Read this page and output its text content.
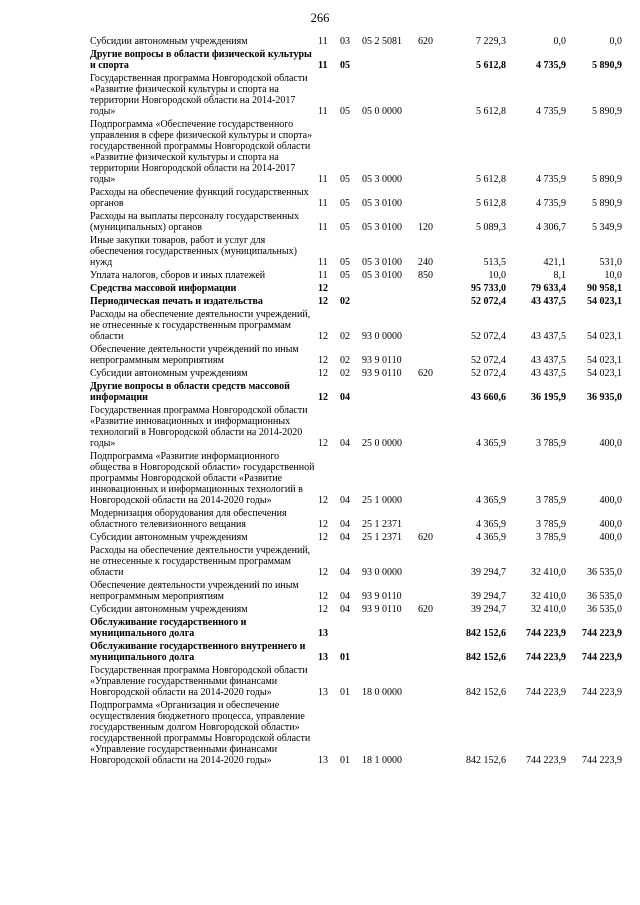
266
Субсидии автономным учреждениям	11	03	05 2 5081	620	7 229,3	0,0	0,0
Другие вопросы в области физической культуры и спорта	11	05			5 612,8	4 735,9	5 890,9
Государственная программа Новгородской области «Развитие физической культуры и спорта на территории Новгородской области на 2014-2017 годы»	11	05	05 0 0000		5 612,8	4 735,9	5 890,9
Подпрограмма «Обеспечение государственного управления в сфере физической культуры и спорта» государственной программы Новгородской области «Развитие физической культуры и спорта на территории Новгородской области на 2014-2017 годы»	11	05	05 3 0000		5 612,8	4 735,9	5 890,9
Расходы на обеспечение функций государственных органов	11	05	05 3 0100		5 612,8	4 735,9	5 890,9
Расходы на выплаты персоналу государственных (муниципальных) органов	11	05	05 3 0100	120	5 089,3	4 306,7	5 349,9
Иные закупки товаров, работ и услуг для обеспечения государственных (муниципальных) нужд	11	05	05 3 0100	240	513,5	421,1	531,0
Уплата налогов, сборов и иных платежей	11	05	05 3 0100	850	10,0	8,1	10,0
Средства массовой информации	12				95 733,0	79 633,4	90 958,1
Периодическая печать и издательства	12	02			52 072,4	43 437,5	54 023,1
Расходы на обеспечение деятельности учреждений, не отнесенные к государственным программам области	12	02	93 0 0000		52 072,4	43 437,5	54 023,1
Обеспечение деятельности учреждений по иным непрограммным мероприятиям	12	02	93 9 0110		52 072,4	43 437,5	54 023,1
Субсидии автономным учреждениям	12	02	93 9 0110	620	52 072,4	43 437,5	54 023,1
Другие вопросы в области средств массовой информации	12	04			43 660,6	36 195,9	36 935,0
Государственная программа Новгородской области «Развитие инновационных и информационных технологий в Новгородской области на 2014-2020 годы»	12	04	25 0 0000		4 365,9	3 785,9	400,0
Подпрограмма «Развитие информационного общества в Новгородской области» государственной программы Новгородской области «Развитие инновационных и информационных технологий в Новгородской области на 2014-2020 годы»	12	04	25 1 0000		4 365,9	3 785,9	400,0
Модернизация оборудования для обеспечения областного телевизионного вещания	12	04	25 1 2371		4 365,9	3 785,9	400,0
Субсидии автономным учреждениям	12	04	25 1 2371	620	4 365,9	3 785,9	400,0
Расходы на обеспечение деятельности учреждений, не отнесенные к государственным программам области	12	04	93 0 0000		39 294,7	32 410,0	36 535,0
Обеспечение деятельности учреждений по иным непрограммным мероприятиям	12	04	93 9 0110		39 294,7	32 410,0	36 535,0
Субсидии автономным учреждениям	12	04	93 9 0110	620	39 294,7	32 410,0	36 535,0
Обслуживание государственного и муниципального долга	13				842 152,6	744 223,9	744 223,9
Обслуживание государственного внутреннего и муниципального долга	13	01			842 152,6	744 223,9	744 223,9
Государственная программа Новгородской области «Управление государственными финансами Новгородской области на 2014-2020 годы»	13	01	18 0 0000		842 152,6	744 223,9	744 223,9
Подпрограмма «Организация и обеспечение осуществления бюджетного процесса, управление государственным долгом Новгородской области» государственной программы Новгородской области «Управление государственными финансами Новгородской области на 2014-2020 годы»	13	01	18 1 0000		842 152,6	744 223,9	744 223,9
